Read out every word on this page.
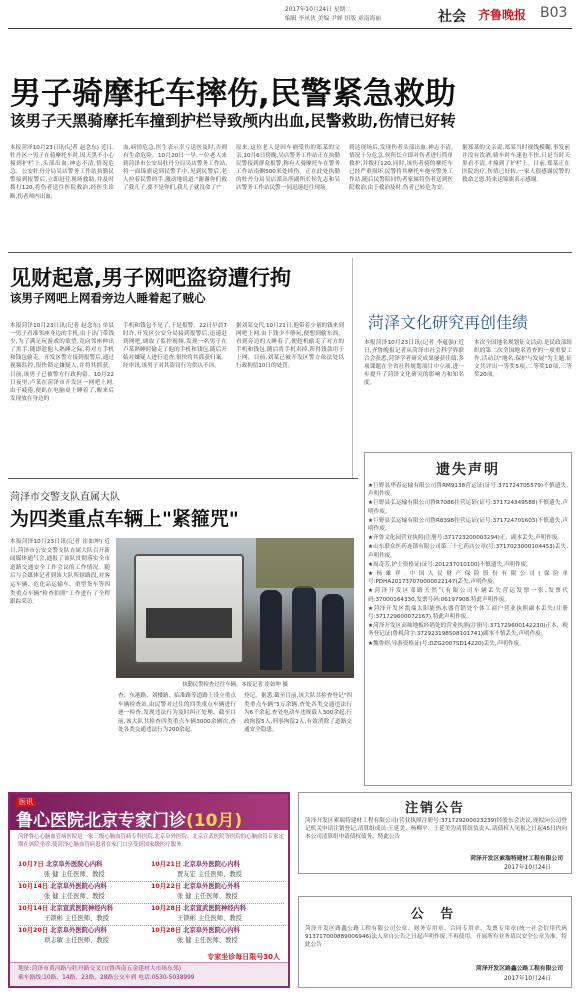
2017年10月24日 星期二
编辑 李凤伙 美编 尹婵 组版 童南海丽	社会 齐鲁晚报 B03
男子骑摩托车摔伤,民警紧急救助
该男子天黑骑摩托车撞到护栏导致颅内出血,民警救助,伤情已好转
本报菏泽10月23日讯(记者 赵念东) 近日,牡丹区一男子在骑摩托车时,因天黑不小心撞到护栏上,头部出血,神志不清,情况危急。公安牡丹分局吴店警务工作站执勤民警接到报警后,立即赶往现场救助,并及时拨打120,将伤者送往医院救治,经医生诊断,伤者颅内出血,
血,病情危急,医生表示幸亏送医及时,否则有生命危险。10月20日一早,一位老人来到菏泽市公安局牡丹分局吴店警务工作站,将一面锦旗送到民警手中,见到民警后,老人拉着民警的手,激动地说道:"谢谢你们救了我儿子,要不是你们,我儿子就没命了!"
原来,这位老人是因车祸受伤的郑某的父亲,10月6日傍晚,吴店警务工作站正在执勤民警接到群众报警,称有人骑摩托车在警务工作站南侧500米处摔伤。正在此处执勤的牡丹分局吴店派出所副所长侯先志和吴店警务工作站民警一同迅速赶往现场。
到达现场后,发现伤者头部出血,神志不清,情况十分危急,侯所长立即对伤者进行简单救护,并拨打120,同时,该伤者骑的摩托车已经严重损坏,民警将其摩托车拖至警务工作站,随后民警陪同伤者家属将伤者送到医院救治,由于救治及时,伤者已转危为安。
据郑某的父亲说,郑某当时视线模糊,事发前并没有饮酒,骑车时车速也不快,只是当时天黑看不清,才撞到了护栏上。目前,郑某正在医院治疗,伤情已好转,一家人很感谢民警的救命之恩,特来送锦旗表示感谢。
见财起意,男子网吧盗窃遭行拘
该男子网吧上网看旁边人睡着起了贼心
本报菏泽10月23日讯(记者 赵念东) 单县一男子看准邻座身边的手机,由于出门带钱少,为了满足玩游戏的欲望,竟向邻座伸出了黑手,随即趁他人熟睡之际,将对方手机和钱包偷走。开发区警方接到报警后,通过视频监控,很快锁定嫌疑人,并将其抓获。日前,该男子已被警方行政拘留。10月22日夜里,卢某在菏泽市开发区一网吧上网,由于疲倦,便趴在电脑桌上睡着了,醒来后发现放在身边的
手机和钱包不见了,于是报警。22日早晨7时许,开发区公安分局接到报警后,迅速赶到网吧,调取了监控视频,发现一名男子在卢某熟睡时偷走了他的手机和钱包,随后开始对嫌疑人进行追查,很快将其抓获归案。经审讯,该男子对其盗窃行为供认不讳。
据刘某交代,10月21日,他带着少量的钱来到网吧上网,由于钱少不够玩,便想到偷东西。看到旁边的人睡着了,便趁机偷走了对方的手机和钱包,随后将手机卖掉,所得钱款用于上网。目前,刘某已被开发区警方依法处以行政拘留10日的处罚。
菏泽文化研究再创佳绩
本报菏泽10月23日讯(记者 李蕴强) 近日,齐鲁晚报记者从菏泽市社会科学界联合会获悉,菏泽学者研究成果屡获佳绩,多项课题在全省社科规划项目中立项,进一步提升了菏泽文化研究的影响力和知名度。
本次全国地名规划征文活动,是民政部组织的第二次全国地名普查的一项重要工作,活动以"地名:保护与发展"为主题,征文共评出一等奖5项,二等奖10项,三等奖20项。
菏泽市交警支队直属大队
为四类重点车辆上"紧箍咒"
本报菏泽10月23日讯(记者 崔如坤) 近日,菏泽市公安交警支队直属大队召开新闻媒体通气会,通报了该队贯彻落实全市道路交通安全工作会议的工作情况。随后与会媒体记者到该大队所辖路段,对客运车辆、危化品运输车、重型货车等四类重点车辆"检查拍照"工作进行了全程跟踪采访。
执勤民警检查过往车辆。本报记者 崔如坤 摄
查、东港路、刘楼路、临淮路等道路上设立重点车辆检查站,由民警对过往的四类重点车辆进行逐一检查,发现违法行为及时纠正处理。截至目前,该大队共检查四类重点车辆3000余辆次,查处各类交通违法行为200余起。
登记。据悉,截至目前,该大队共检查登记"四类重点车辆"3万余辆,查处各类交通违法行为6千余起,查处电动车违规载人300余起,行政拘留5人,刑事拘留2人,有效消除了道路交通安全隐患。
遗失声明
★巨野县华春运输有限公司鲁RM9138营运证(证号:371724705579)不慎遗失,声明作废。
★巨野县弘运输有限公司鲁R7086挂营运证(证号:371724349588)不慎遗失,声明作废。
★巨野县弘运输有限公司鲁R8398挂营运证(证号:371724701603)不慎遗失,声明作废。
★齐鲁文化园营业执照(注册号:371723200003294)正、副本丢失,声明作废。
★山东联众医药连锁有限公司第三十七药店公章(号:3717023000104453)丢失,声明作废。
★周奇芳,护士资格证(证号:201237010100)不慎遗失,声明作废。
★杨雄祥,中国人民财产保险股份有限公司(保险单号:PDHA201737070000022147)丢失,声明作废。
★菏泽开发区邓路天然气有限公司车辆丢失营运发票一张,发票代码:37000164330,发票号码:06197908,特此声明作废。
★菏泽开发区凯瑞太阳能热水器营销处个体工商户营业执照副本丢失(注册号:371729600072167),特此声明作废。
★菏泽开发区高师地板经销处的营业执照(注册号:371729600142230)正本、税务登记证(鲁税菏字:372923198508101741)副本不慎丢失,声明作废。
★魏鲁婷,导游资格证(号:DZG2007SD14220)丢失,声明作废。
医讯
鲁心医院北京专家门诊(10月)
菏泽鲁心心脑血管病医院是一家三级心脑血管病专科医院,北京阜外医院、北京宣武医院等医院的心脑血管专家定期在该院坐诊,使菏泽心脑血管病患者在家门口享受到国家级医疗服务。
10月7日 北京阜外医院心内科
张 健 主任医师、教授
10月21日 北京阜外医院心内科
贾友宏 主任医师、教授
10月14日 北京阜外医院心内科
张 健 主任医师、教授
10月22日 北京阜外医院心外科
张 健 主任医师、教授
10月14日 北京宣武医院神经内科
王锁彬 主任医师、教授
10月28日 北京宣武医院神经内科
王锁彬 主任医师、教授
10月20日 北京阜外医院心内科
琐志敏 主任医师、教授
10月28日 北京阜外医院心内科
张 健 主任医师、教授
专家坐诊每日限号30人
地址:菏泽市黄河路与牡丹路交叉口(鲁西南五金建材大市场东邻)
乘车路线:10路、14路、23路、28路公交车到 电话:0530-5038999
注销公告
菏泽开发区索瑞特建材工程有限公司(营业执照注册号:371729200023239)经股东会决议,现拟向公司登记机关申请注销登记,清算组成员:王延美、杨柳平、王延美为清算组负责人,请债权人见报之日起45日内向本公司清算组申请债权债务。特此公告
菏泽开发区索瑞特建材工程有限公司
2017年10月24日
公 告
菏泽开发区路鑫公路工程有限公司公章、财务专用章、合同专用章、发票专用章(统一社会信用代码913717000889006946)法人章自公告之日起声明作废,不再使用。开展所有业务请以安全公章为准。特此公告
菏泽开发区路鑫公路工程有限公司
2017年10月24日
